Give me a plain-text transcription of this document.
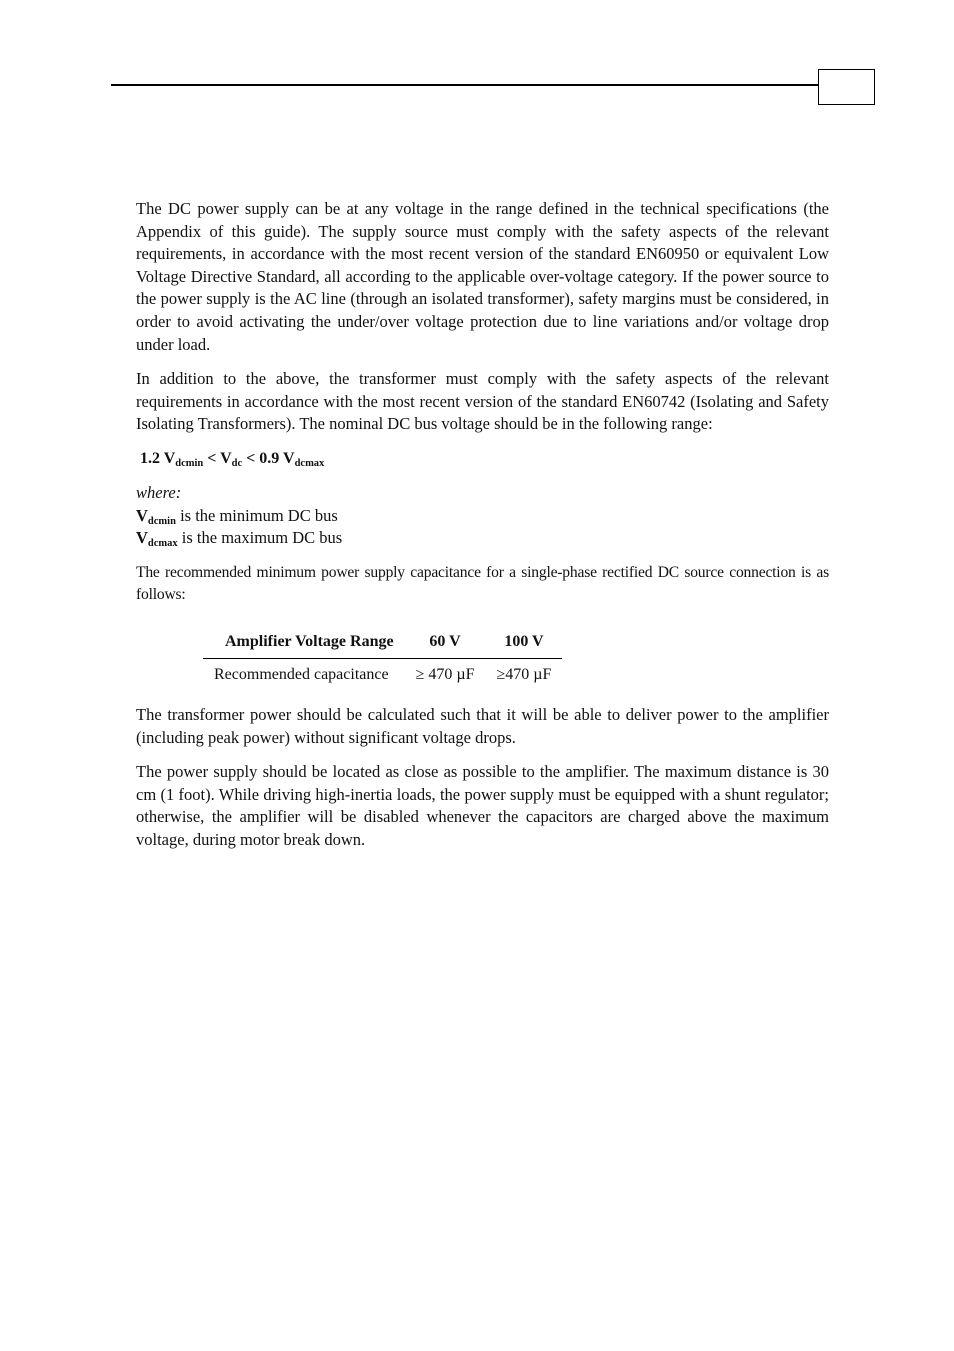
The DC power supply can be at any voltage in the range defined in the technical specifications (the Appendix of this guide). The supply source must comply with the safety aspects of the relevant requirements, in accordance with the most recent version of the standard EN60950 or equivalent Low Voltage Directive Standard, all according to the applicable over-voltage category. If the power source to the power supply is the AC line (through an isolated transformer), safety margins must be considered, in order to avoid activating the under/over voltage protection due to line variations and/or voltage drop under load.

In addition to the above, the transformer must comply with the safety aspects of the relevant requirements in accordance with the most recent version of the standard EN60742 (Isolating and Safety Isolating Transformers). The nominal DC bus voltage should be in the following range:

1.2 $V_{dcmin} < V_{dc} < 0.9$ $V_{dcmax}$
where:
$V_{dcmin}$ is the minimum DC bus
$V_{dcmax}$ is the maximum DC bus

The recommended minimum power supply capacitance for a single-phase rectified DC source connection is as follows:

Amplifier Voltage Range	60 V	100 V
Recommended capacitance	≥ 470 µF	≥470 µF

The transformer power should be calculated such that it will be able to deliver power to the amplifier (including peak power) without significant voltage drops.

The power supply should be located as close as possible to the amplifier. The maximum distance is 30 cm (1 foot). While driving high-inertia loads, the power supply must be equipped with a shunt regulator; otherwise, the amplifier will be disabled whenever the capacitors are charged above the maximum voltage, during motor break down.
